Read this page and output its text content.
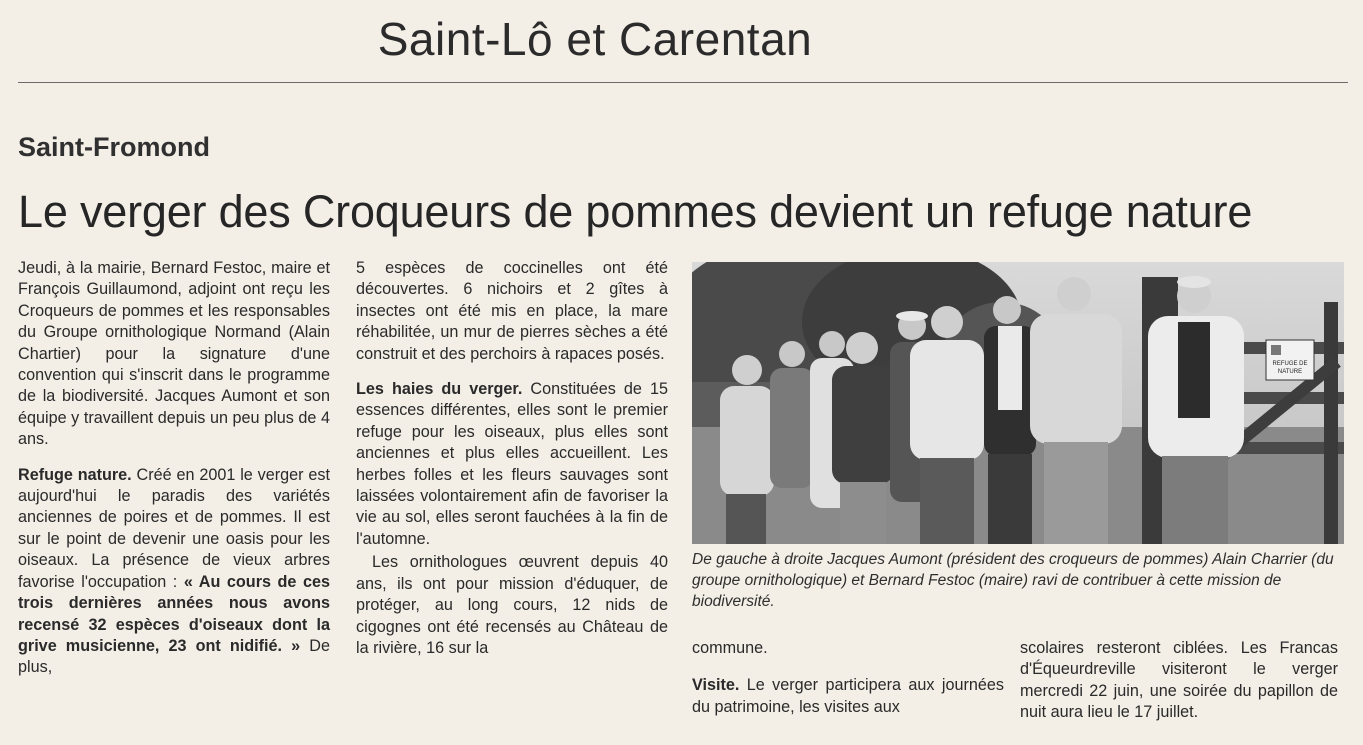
Saint-Lô et Carentan
Saint-Fromond
Le verger des Croqueurs de pommes devient un refuge nature

Jeudi, à la mairie, Bernard Festoc, maire et François Guillaumond, adjoint ont reçu les Croqueurs de pommes et les responsables du Groupe ornithologique Normand (Alain Chartier) pour la signature d'une convention qui s'inscrit dans le programme de la biodiversité. Jacques Aumont et son équipe y travaillent depuis un peu plus de 4 ans.

Refuge nature. Créé en 2001 le verger est aujourd'hui le paradis des variétés anciennes de poires et de pommes. Il est sur le point de devenir une oasis pour les oiseaux. La présence de vieux arbres favorise l'occupation : « Au cours de ces trois dernières années nous avons recensé 32 espèces d'oiseaux dont la grive musicienne, 23 ont nidifié. » De plus,

5 espèces de coccinelles ont été découvertes. 6 nichoirs et 2 gîtes à insectes ont été mis en place, la mare réhabilitée, un mur de pierres sèches a été construit et des perchoirs à rapaces posés.

Les haies du verger. Constituées de 15 essences différentes, elles sont le premier refuge pour les oiseaux, plus elles sont anciennes et plus elles accueillent. Les herbes folles et les fleurs sauvages sont laissées volontairement afin de favoriser la vie au sol, elles seront fauchées à la fin de l'automne.

Les ornithologues œuvrent depuis 40 ans, ils ont pour mission d'éduquer, de protéger, au long cours, 12 nids de cigognes ont été recensés au Château de la rivière, 16 sur la

REFUGE DE
NATURE
De gauche à droite Jacques Aumont (président des croqueurs de pommes) Alain Charrier (du groupe ornithologique) et Bernard Festoc (maire) ravi de contribuer à cette mission de biodiversité.

commune.

Visite. Le verger participera aux journées du patrimoine, les visites aux

scolaires resteront ciblées. Les Francas d'Équeurdreville visiteront le verger mercredi 22 juin, une soirée du papillon de nuit aura lieu le 17 juillet.
